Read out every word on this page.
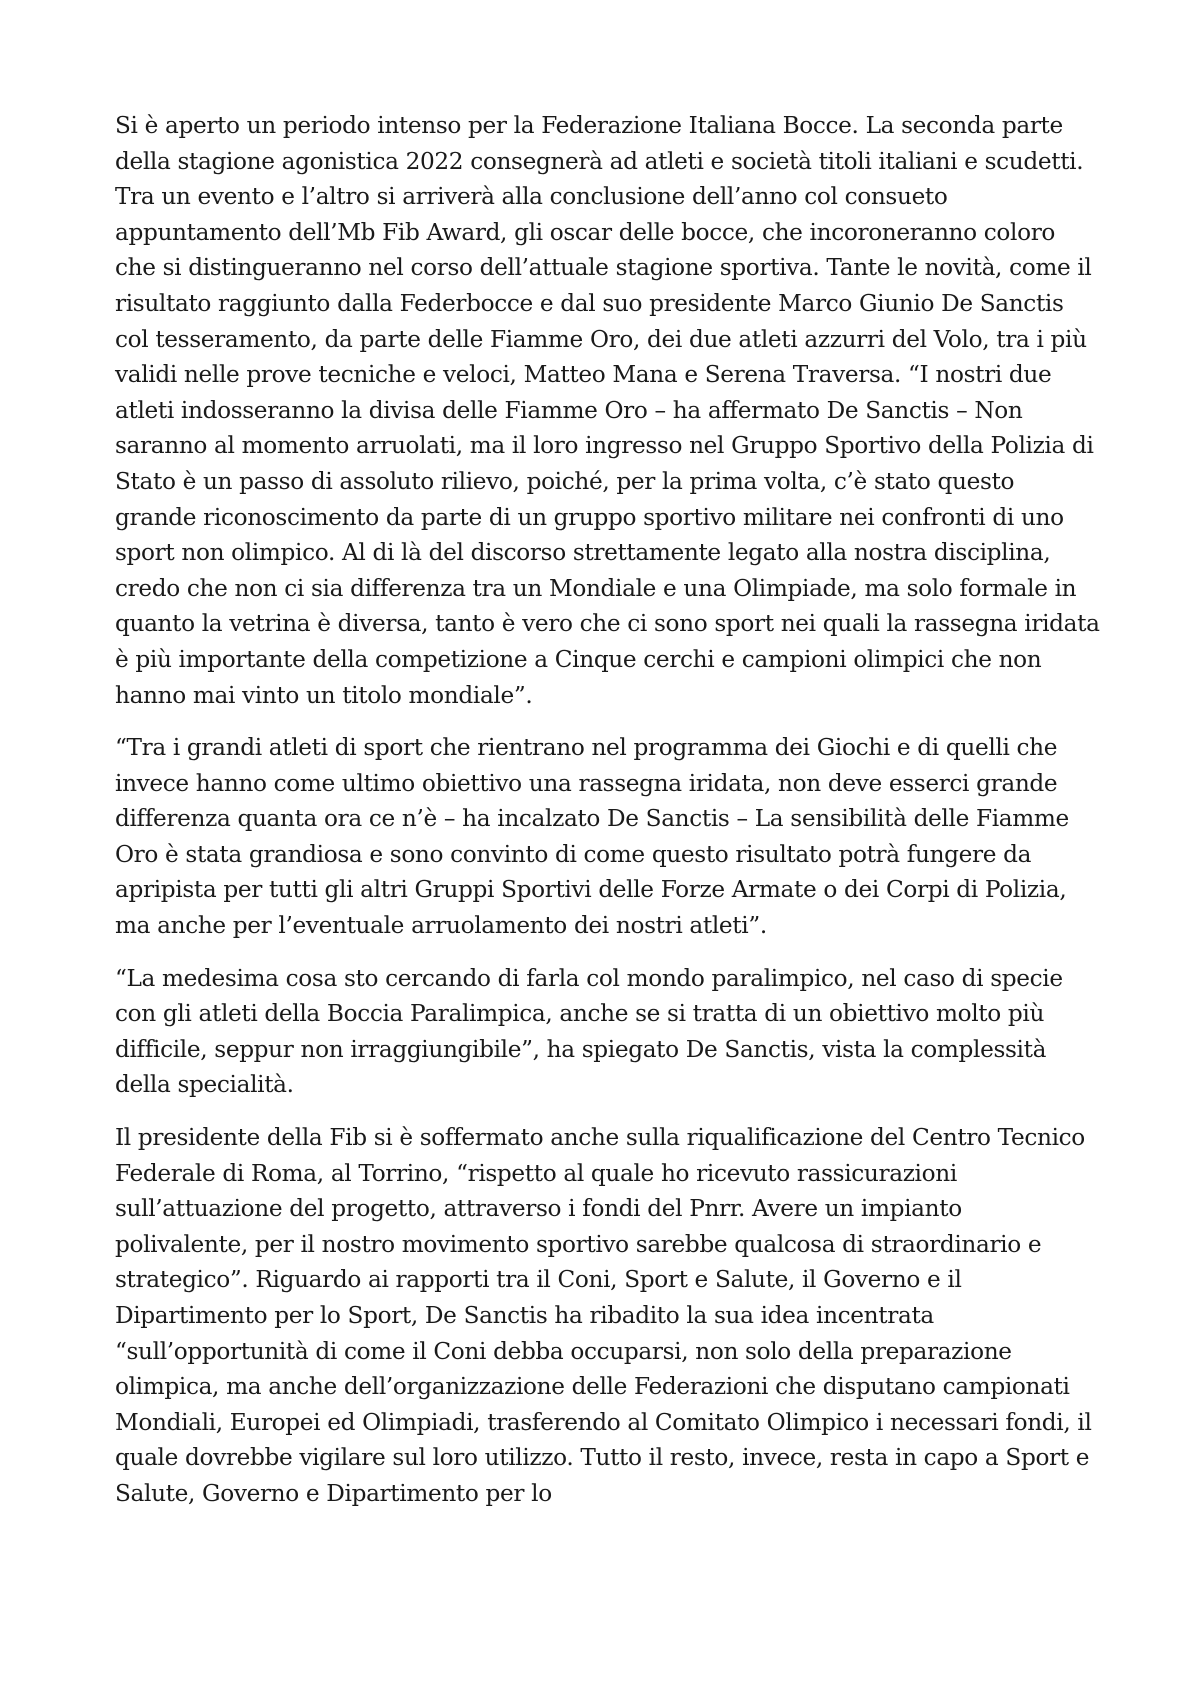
Si è aperto un periodo intenso per la Federazione Italiana Bocce. La seconda parte della stagione agonistica 2022 consegnerà ad atleti e società titoli italiani e scudetti. Tra un evento e l’altro si arriverà alla conclusione dell’anno col consueto appuntamento dell’Mb Fib Award, gli oscar delle bocce, che incoroneranno coloro che si distingueranno nel corso dell’attuale stagione sportiva. Tante le novità, come il risultato raggiunto dalla Federbocce e dal suo presidente Marco Giunio De Sanctis col tesseramento, da parte delle Fiamme Oro, dei due atleti azzurri del Volo, tra i più validi nelle prove tecniche e veloci, Matteo Mana e Serena Traversa. “I nostri due atleti indosseranno la divisa delle Fiamme Oro – ha affermato De Sanctis – Non saranno al momento arruolati, ma il loro ingresso nel Gruppo Sportivo della Polizia di Stato è un passo di assoluto rilievo, poiché, per la prima volta, c’è stato questo grande riconoscimento da parte di un gruppo sportivo militare nei confronti di uno sport non olimpico. Al di là del discorso strettamente legato alla nostra disciplina, credo che non ci sia differenza tra un Mondiale e una Olimpiade, ma solo formale in quanto la vetrina è diversa, tanto è vero che ci sono sport nei quali la rassegna iridata è più importante della competizione a Cinque cerchi e campioni olimpici che non hanno mai vinto un titolo mondiale”.

“Tra i grandi atleti di sport che rientrano nel programma dei Giochi e di quelli che invece hanno come ultimo obiettivo una rassegna iridata, non deve esserci grande differenza quanta ora ce n’è – ha incalzato De Sanctis – La sensibilità delle Fiamme Oro è stata grandiosa e sono convinto di come questo risultato potrà fungere da apripista per tutti gli altri Gruppi Sportivi delle Forze Armate o dei Corpi di Polizia, ma anche per l’eventuale arruolamento dei nostri atleti”.

“La medesima cosa sto cercando di farla col mondo paralimpico, nel caso di specie con gli atleti della Boccia Paralimpica, anche se si tratta di un obiettivo molto più difficile, seppur non irraggiungibile”, ha spiegato De Sanctis, vista la complessità della specialità.

Il presidente della Fib si è soffermato anche sulla riqualificazione del Centro Tecnico Federale di Roma, al Torrino, “rispetto al quale ho ricevuto rassicurazioni sull’attuazione del progetto, attraverso i fondi del Pnrr. Avere un impianto polivalente, per il nostro movimento sportivo sarebbe qualcosa di straordinario e strategico”. Riguardo ai rapporti tra il Coni, Sport e Salute, il Governo e il Dipartimento per lo Sport, De Sanctis ha ribadito la sua idea incentrata “sull’opportunità di come il Coni debba occuparsi, non solo della preparazione olimpica, ma anche dell’organizzazione delle Federazioni che disputano campionati Mondiali, Europei ed Olimpiadi, trasferendo al Comitato Olimpico i necessari fondi, il quale dovrebbe vigilare sul loro utilizzo. Tutto il resto, invece, resta in capo a Sport e Salute, Governo e Dipartimento per lo
